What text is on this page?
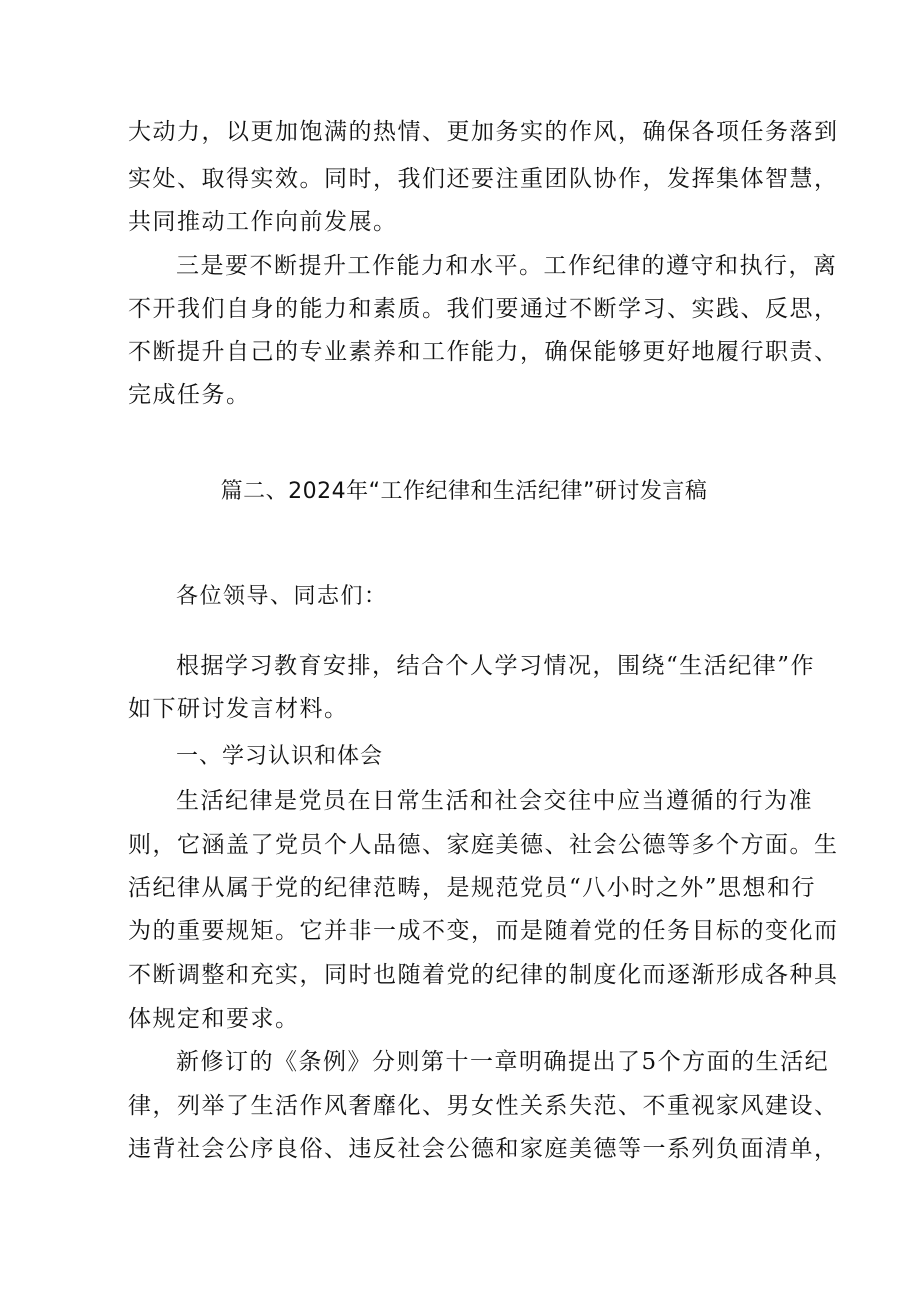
大动力，以更加饱满的热情、更加务实的作风，确保各项任务落到
实处、取得实效。同时，我们还要注重团队协作，发挥集体智慧，
共同推动工作向前发展。
三是要不断提升工作能力和水平。工作纪律的遵守和执行，离
不开我们自身的能力和素质。我们要通过不断学习、实践、反思，
不断提升自己的专业素养和工作能力，确保能够更好地履行职责、
完成任务。
篇二、2024年“工作纪律和生活纪律”研讨发言稿
各位领导、同志们：
根据学习教育安排，结合个人学习情况，围绕“生活纪律”作
如下研讨发言材料。
一、学习认识和体会
生活纪律是党员在日常生活和社会交往中应当遵循的行为准
则，它涵盖了党员个人品德、家庭美德、社会公德等多个方面。生
活纪律从属于党的纪律范畴，是规范党员“八小时之外”思想和行
为的重要规矩。它并非一成不变，而是随着党的任务目标的变化而
不断调整和充实，同时也随着党的纪律的制度化而逐渐形成各种具
体规定和要求。
新修订的《条例》分则第十一章明确提出了5个方面的生活纪
律，列举了生活作风奢靡化、男女性关系失范、不重视家风建设、
违背社会公序良俗、违反社会公德和家庭美德等一系列负面清单，
